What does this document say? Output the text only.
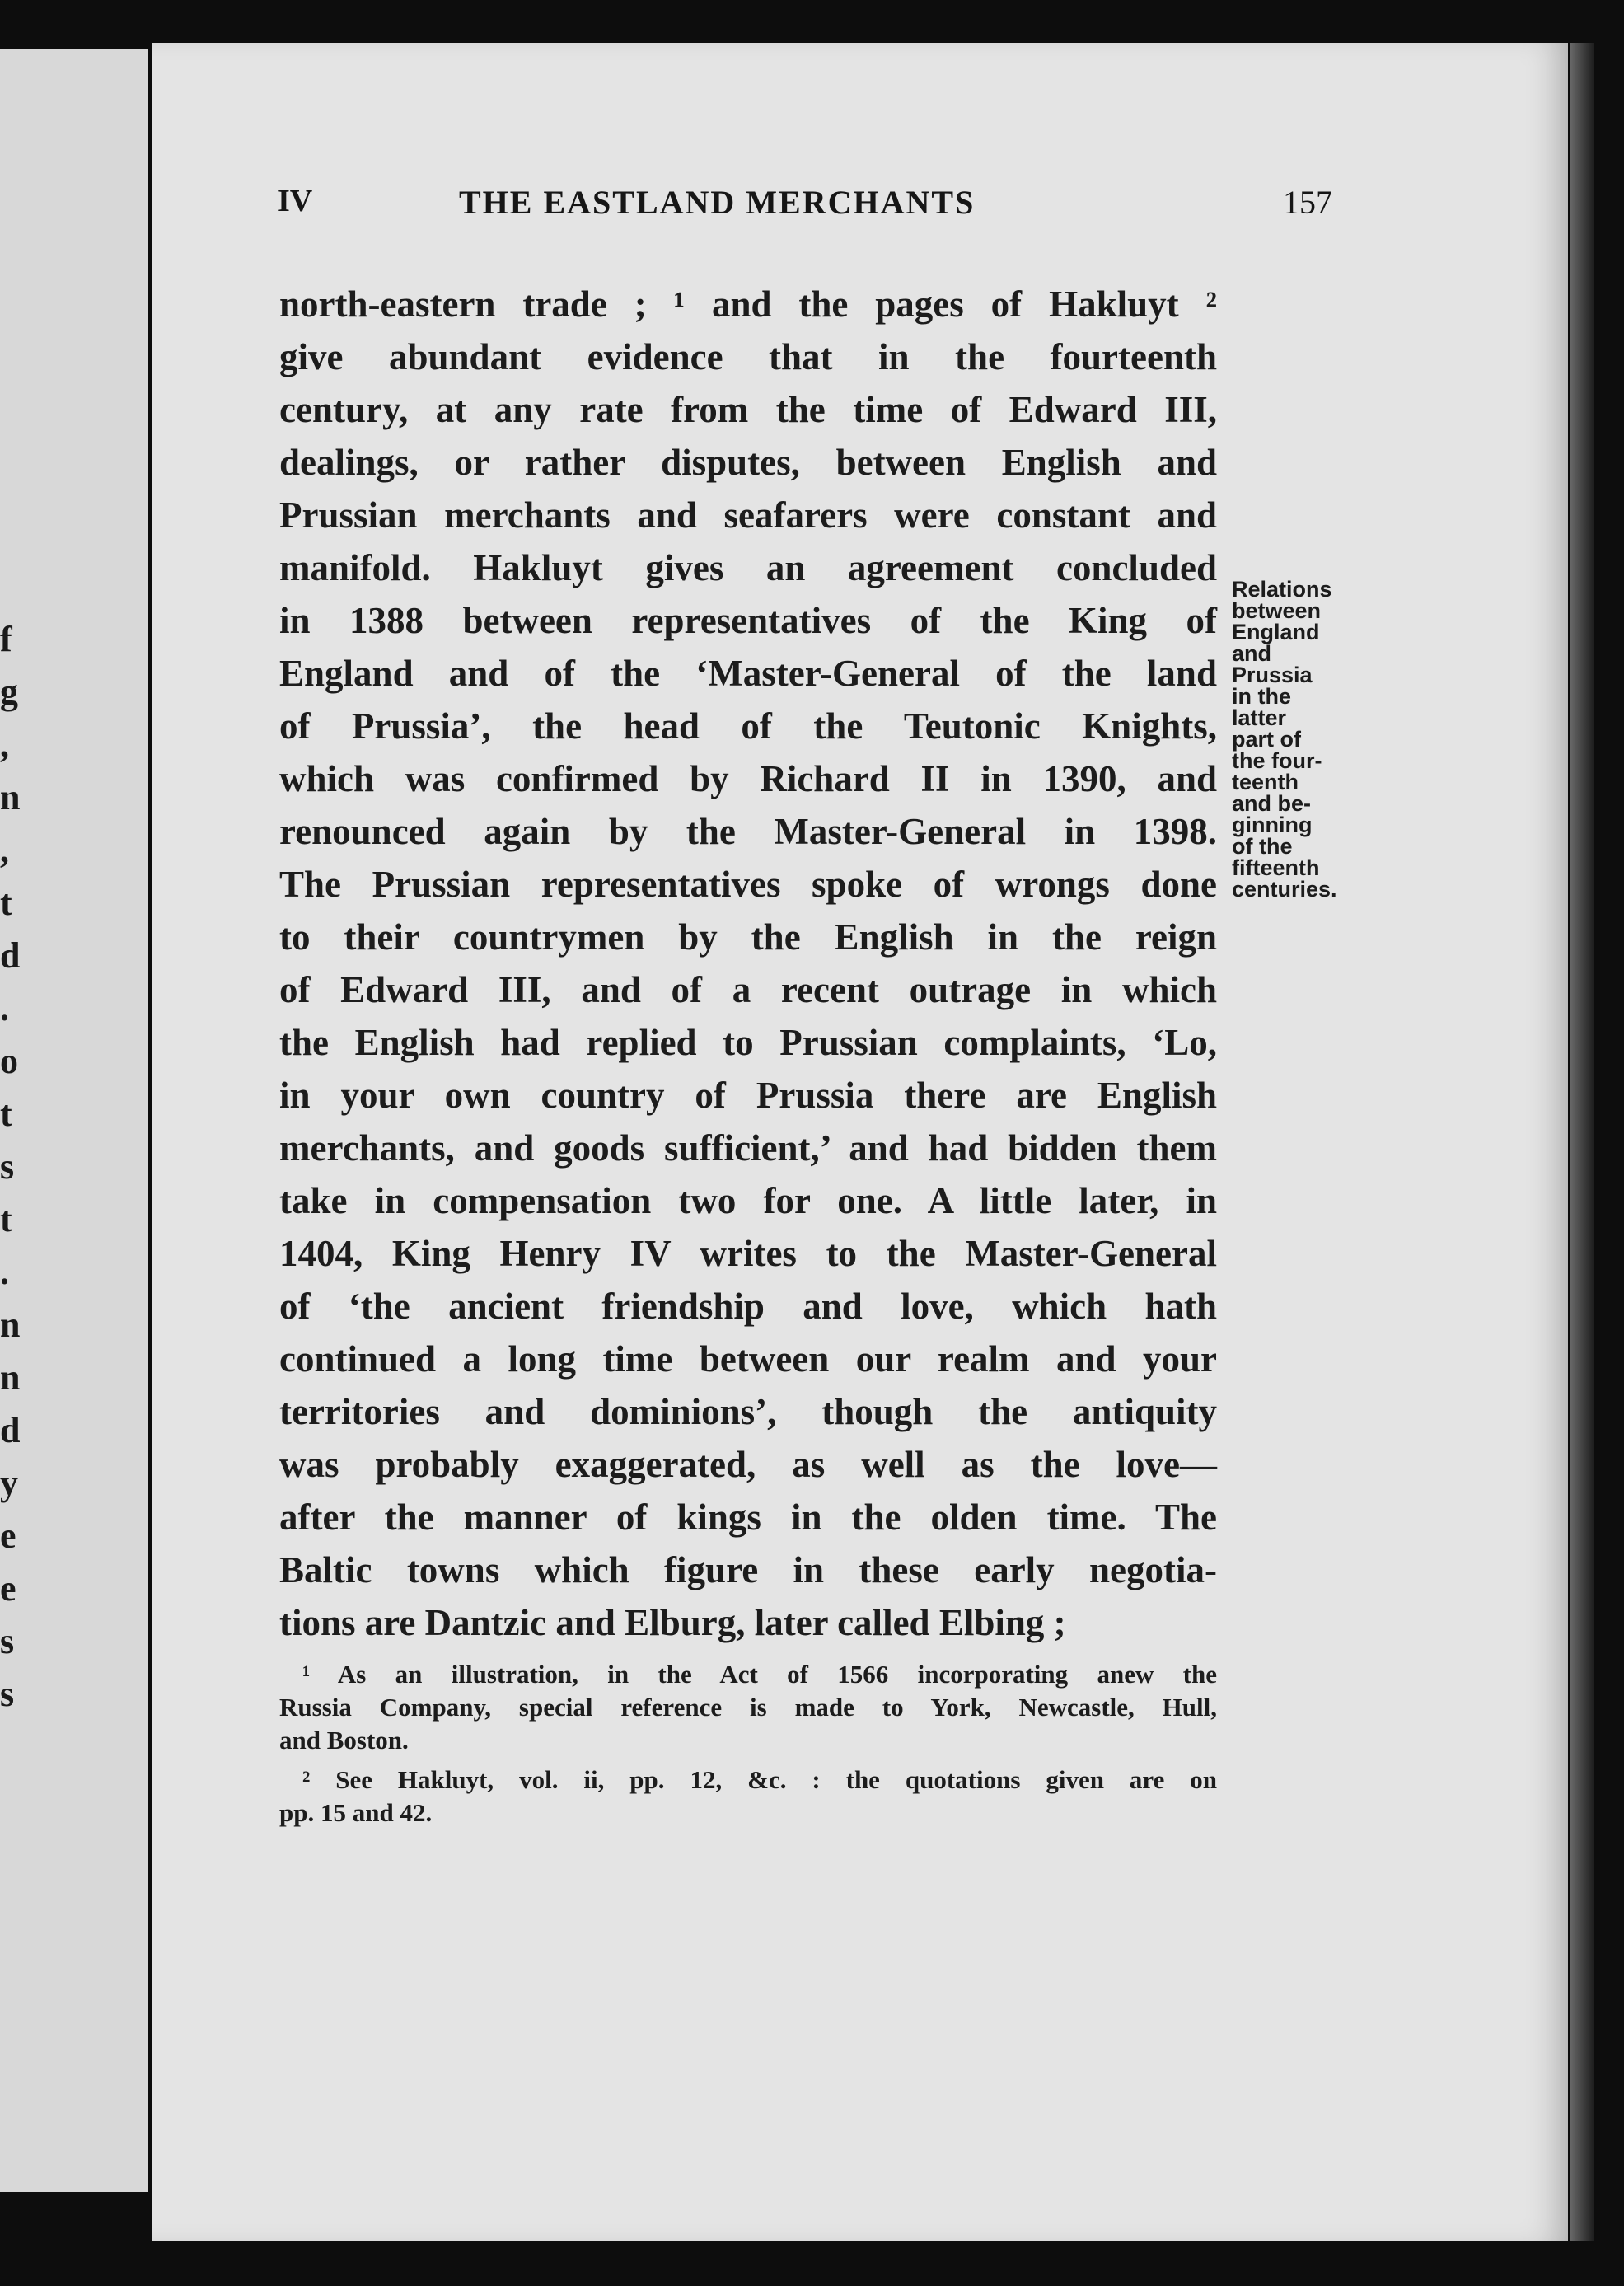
f
g
,
n
,
t
d
.
o
t
s
t
.
n
n
d
y
e
e
s
s
IV	THE EASTLAND MERCHANTS	157
north-eastern trade ; ¹ and the pages of Hakluyt ²
give abundant evidence that in the fourteenth
century, at any rate from the time of Edward III,
dealings, or rather disputes, between English and
Prussian merchants and seafarers were constant and
manifold. Hakluyt gives an agreement concluded
in 1388 between representatives of the King of
England and of the ‘Master-General of the land
of Prussia’, the head of the Teutonic Knights,
which was confirmed by Richard II in 1390, and
renounced again by the Master-General in 1398.
The Prussian representatives spoke of wrongs done
to their countrymen by the English in the reign
of Edward III, and of a recent outrage in which
the English had replied to Prussian complaints, ‘Lo,
in your own country of Prussia there are English
merchants, and goods sufficient,’ and had bidden them
take in compensation two for one. A little later, in
1404, King Henry IV writes to the Master-General
of ‘the ancient friendship and love, which hath
continued a long time between our realm and your
territories and dominions’, though the antiquity
was probably exaggerated, as well as the love—
after the manner of kings in the olden time. The
Baltic towns which figure in these early negotia-
tions are Dantzic and Elburg, later called Elbing ;
Relations
between
England
and
Prussia
in the
latter
part of
the four-
teenth
and be-
ginning
of the
fifteenth
centuries.
¹ As an illustration, in the Act of 1566 incorporating anew the
Russia Company, special reference is made to York, Newcastle, Hull,
and Boston.
² See Hakluyt, vol. ii, pp. 12, &c. : the quotations given are on
pp. 15 and 42.
